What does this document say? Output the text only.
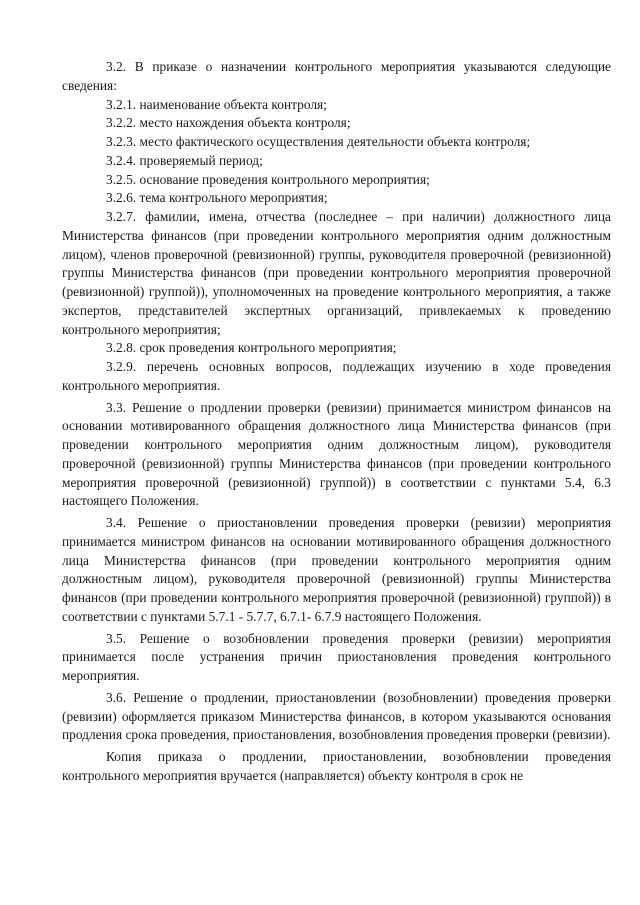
3.2. В приказе о назначении контрольного мероприятия указываются следующие сведения:

3.2.1. наименование объекта контроля;

3.2.2. место нахождения объекта контроля;

3.2.3. место фактического осуществления деятельности объекта контроля;

3.2.4. проверяемый период;

3.2.5. основание проведения контрольного мероприятия;

3.2.6. тема контрольного мероприятия;

3.2.7. фамилии, имена, отчества (последнее – при наличии) должностного лица Министерства финансов (при проведении контрольного мероприятия одним должностным лицом), членов проверочной (ревизионной) группы, руководителя проверочной (ревизионной) группы Министерства финансов (при проведении контрольного мероприятия проверочной (ревизионной) группой)), уполномоченных на проведение контрольного мероприятия, а также экспертов, представителей экспертных организаций, привлекаемых к проведению контрольного мероприятия;

3.2.8. срок проведения контрольного мероприятия;

3.2.9. перечень основных вопросов, подлежащих изучению в ходе проведения контрольного мероприятия.

3.3. Решение о продлении проверки (ревизии) принимается министром финансов на основании мотивированного обращения должностного лица Министерства финансов (при проведении контрольного мероприятия одним должностным лицом), руководителя проверочной (ревизионной) группы Министерства финансов (при проведении контрольного мероприятия проверочной (ревизионной) группой)) в соответствии с пунктами 5.4, 6.3 настоящего Положения.

3.4. Решение о приостановлении проведения проверки (ревизии) мероприятия принимается министром финансов на основании мотивированного обращения должностного лица Министерства финансов (при проведении контрольного мероприятия одним должностным лицом), руководителя проверочной (ревизионной) группы Министерства финансов (при проведении контрольного мероприятия проверочной (ревизионной) группой)) в соответствии с пунктами 5.7.1 - 5.7.7, 6.7.1- 6.7.9 настоящего Положения.

3.5. Решение о возобновлении проведения проверки (ревизии) мероприятия принимается после устранения причин приостановления проведения контрольного мероприятия.

3.6. Решение о продлении, приостановлении (возобновлении) проведения проверки (ревизии) оформляется приказом Министерства финансов, в котором указываются основания продления срока проведения, приостановления, возобновления проведения проверки (ревизии).

Копия приказа о продлении, приостановлении, возобновлении проведения контрольного мероприятия вручается (направляется) объекту контроля в срок не
